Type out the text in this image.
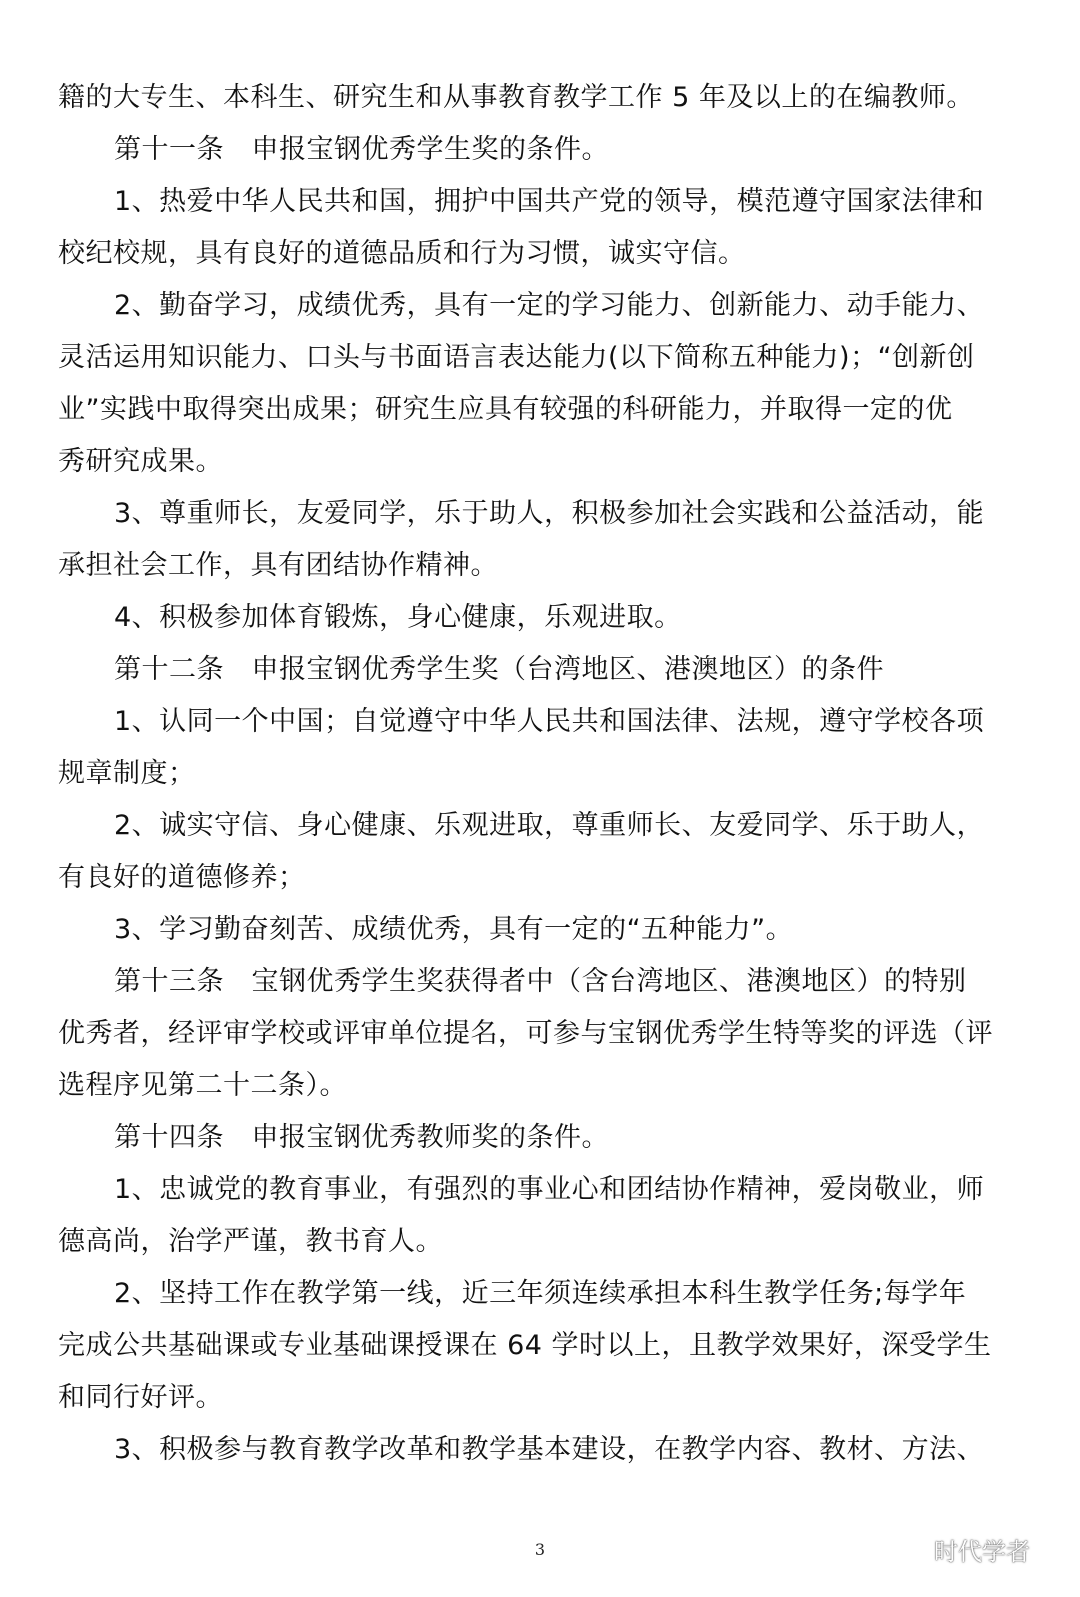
籍的大专生、本科生、研究生和从事教育教学工作 5 年及以上的在编教师。
第十一条　申报宝钢优秀学生奖的条件。
1、热爱中华人民共和国，拥护中国共产党的领导，模范遵守国家法律和
校纪校规，具有良好的道德品质和行为习惯，诚实守信。
2、勤奋学习，成绩优秀，具有一定的学习能力、创新能力、动手能力、
灵活运用知识能力、口头与书面语言表达能力(以下简称五种能力)；“创新创
业”实践中取得突出成果；研究生应具有较强的科研能力，并取得一定的优
秀研究成果。
3、尊重师长，友爱同学，乐于助人，积极参加社会实践和公益活动，能
承担社会工作，具有团结协作精神。
4、积极参加体育锻炼，身心健康，乐观进取。
第十二条　申报宝钢优秀学生奖（台湾地区、港澳地区）的条件
1、认同一个中国；自觉遵守中华人民共和国法律、法规，遵守学校各项
规章制度；
2、诚实守信、身心健康、乐观进取，尊重师长、友爱同学、乐于助人，
有良好的道德修养；
3、学习勤奋刻苦、成绩优秀，具有一定的“五种能力”。
第十三条　宝钢优秀学生奖获得者中（含台湾地区、港澳地区）的特别
优秀者，经评审学校或评审单位提名，可参与宝钢优秀学生特等奖的评选（评
选程序见第二十二条）。
第十四条　申报宝钢优秀教师奖的条件。
1、忠诚党的教育事业，有强烈的事业心和团结协作精神，爱岗敬业，师
德高尚，治学严谨，教书育人。
2、坚持工作在教学第一线，近三年须连续承担本科生教学任务;每学年
完成公共基础课或专业基础课授课在 64 学时以上，且教学效果好，深受学生
和同行好评。
3、积极参与教育教学改革和教学基本建设，在教学内容、教材、方法、
3	时代学者
